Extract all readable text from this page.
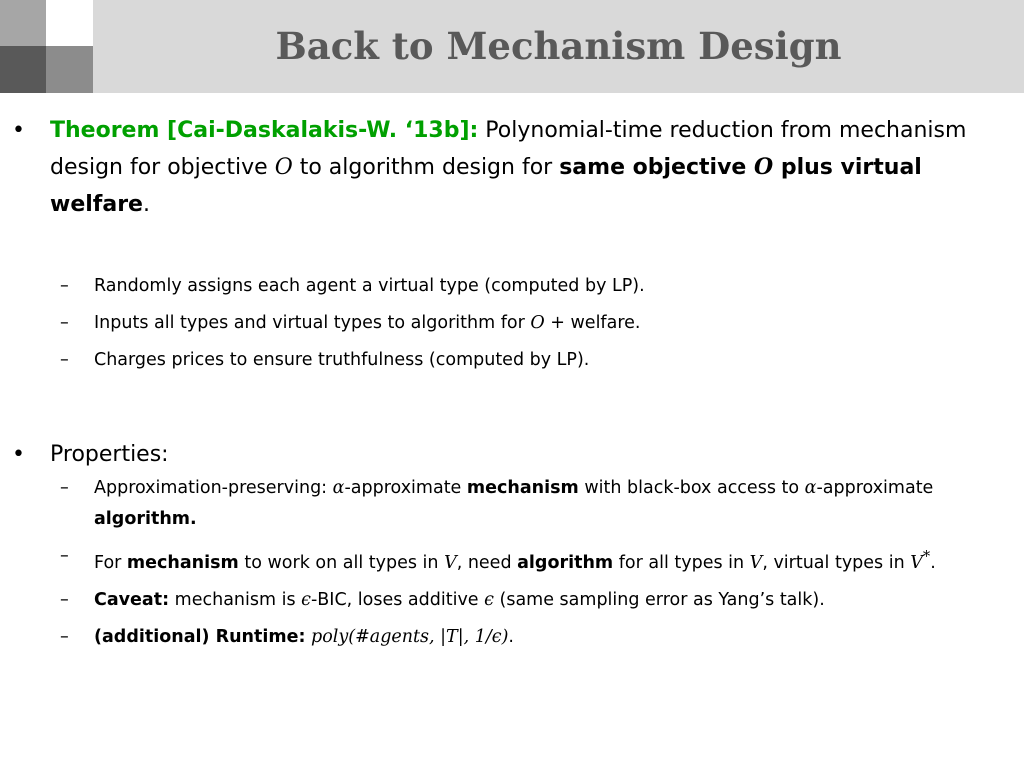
Back to Mechanism Design
• Theorem [Cai-Daskalakis-W. ‘13b]: Polynomial-time reduction from mechanism design for objective O to algorithm design for same objective O plus virtual welfare.
– Randomly assigns each agent a virtual type (computed by LP).
– Inputs all types and virtual types to algorithm for O + welfare.
– Charges prices to ensure truthfulness (computed by LP).
• Properties:
– Approximation-preserving: α-approximate mechanism with black-box access to α-approximate algorithm.
– For mechanism to work on all types in V, need algorithm for all types in V, virtual types in V*.
– Caveat: mechanism is ϵ-BIC, loses additive ϵ (same sampling error as Yang’s talk).
– (additional) Runtime: poly(#agents, |T|, 1/ϵ).
